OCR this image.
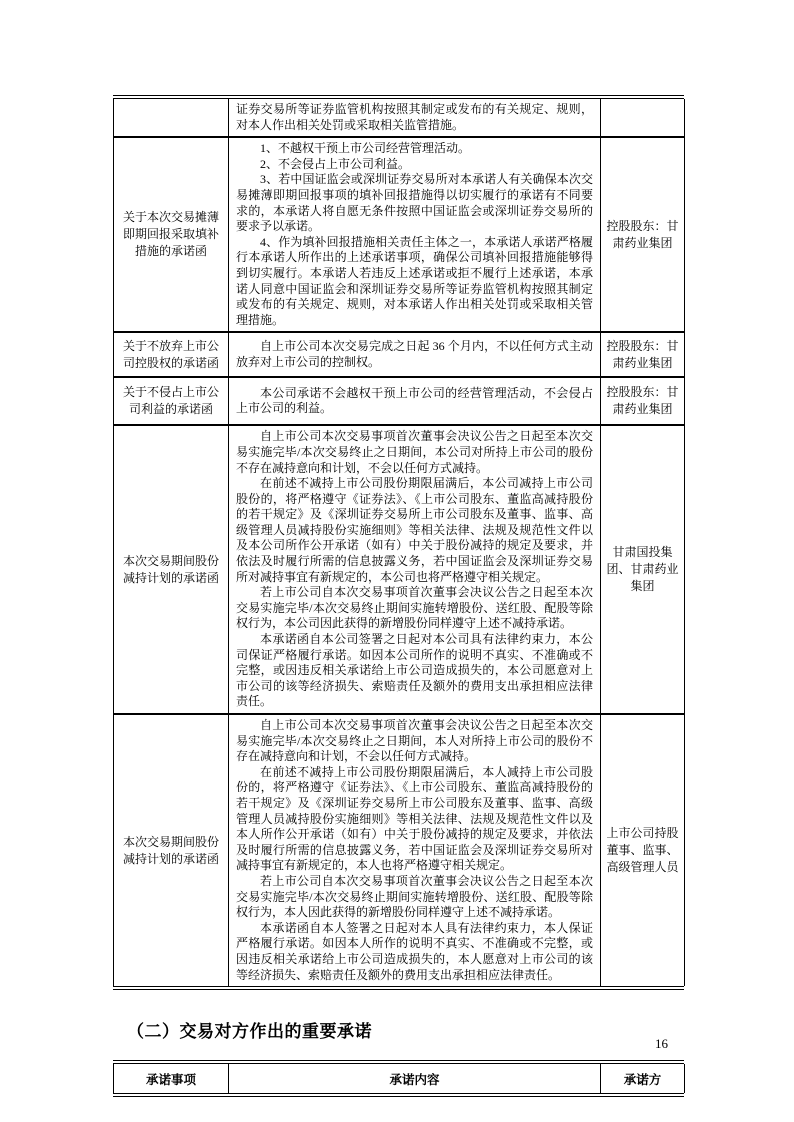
	证券交易所等证券监管机构按照其制定或发布的有关规定、规则，对本人作出相关处罚或采取相关监管措施。	

关于本次交易摊薄即期回报采取填补措施的承诺函	1、不越权干预上市公司经营管理活动。
2、不会侵占上市公司利益。
3、若中国证监会或深圳证券交易所对本承诺人有关确保本次交易摊薄即期回报事项的填补回报措施得以切实履行的承诺有不同要求的，本承诺人将自愿无条件按照中国证监会或深圳证券交易所的要求予以承诺。
4、作为填补回报措施相关责任主体之一，本承诺人承诺严格履行本承诺人所作出的上述承诺事项，确保公司填补回报措施能够得到切实履行。本承诺人若违反上述承诺或拒不履行上述承诺，本承诺人同意中国证监会和深圳证券交易所等证券监管机构按照其制定或发布的有关规定、规则，对本承诺人作出相关处罚或采取相关管理措施。	控股股东：甘肃药业集团
关于不放弃上市公司控股权的承诺函	自上市公司本次交易完成之日起 36 个月内，不以任何方式主动放弃对上市公司的控制权。	控股股东：甘肃药业集团
关于不侵占上市公司利益的承诺函	本公司承诺不会越权干预上市公司的经营管理活动，不会侵占上市公司的利益。	控股股东：甘肃药业集团
本次交易期间股份减持计划的承诺函	自上市公司本次交易事项首次董事会决议公告之日起至本次交易实施完毕/本次交易终止之日期间，本公司对所持上市公司的股份不存在减持意向和计划，不会以任何方式减持。
在前述不减持上市公司股份期限届满后，本公司减持上市公司股份的，将严格遵守《证券法》、《上市公司股东、董监高减持股份的若干规定》及《深圳证券交易所上市公司股东及董事、监事、高级管理人员减持股份实施细则》等相关法律、法规及规范性文件以及本公司所作公开承诺（如有）中关于股份减持的规定及要求，并依法及时履行所需的信息披露义务，若中国证监会及深圳证券交易所对减持事宜有新规定的，本公司也将严格遵守相关规定。
若上市公司自本次交易事项首次董事会决议公告之日起至本次交易实施完毕/本次交易终止期间实施转增股份、送红股、配股等除权行为，本公司因此获得的新增股份同样遵守上述不减持承诺。
本承诺函自本公司签署之日起对本公司具有法律约束力，本公司保证严格履行承诺。如因本公司所作的说明不真实、不准确或不完整，或因违反相关承诺给上市公司造成损失的，本公司愿意对上市公司的该等经济损失、索赔责任及额外的费用支出承担相应法律责任。	甘肃国投集团、甘肃药业集团
本次交易期间股份减持计划的承诺函	自上市公司本次交易事项首次董事会决议公告之日起至本次交易实施完毕/本次交易终止之日期间，本人对所持上市公司的股份不存在减持意向和计划，不会以任何方式减持。
在前述不减持上市公司股份期限届满后，本人减持上市公司股份的，将严格遵守《证券法》、《上市公司股东、董监高减持股份的若干规定》及《深圳证券交易所上市公司股东及董事、监事、高级管理人员减持股份实施细则》等相关法律、法规及规范性文件以及本人所作公开承诺（如有）中关于股份减持的规定及要求，并依法及时履行所需的信息披露义务，若中国证监会及深圳证券交易所对减持事宜有新规定的，本人也将严格遵守相关规定。
若上市公司自本次交易事项首次董事会决议公告之日起至本次交易实施完毕/本次交易终止期间实施转增股份、送红股、配股等除权行为，本人因此获得的新增股份同样遵守上述不减持承诺。
本承诺函自本人签署之日起对本人具有法律约束力，本人保证严格履行承诺。如因本人所作的说明不真实、不准确或不完整，或因违反相关承诺给上市公司造成损失的，本人愿意对上市公司的该等经济损失、索赔责任及额外的费用支出承担相应法律责任。	上市公司持股董事、监事、高级管理人员
（二）交易对方作出的重要承诺
承诺事项	承诺内容	承诺方
16
